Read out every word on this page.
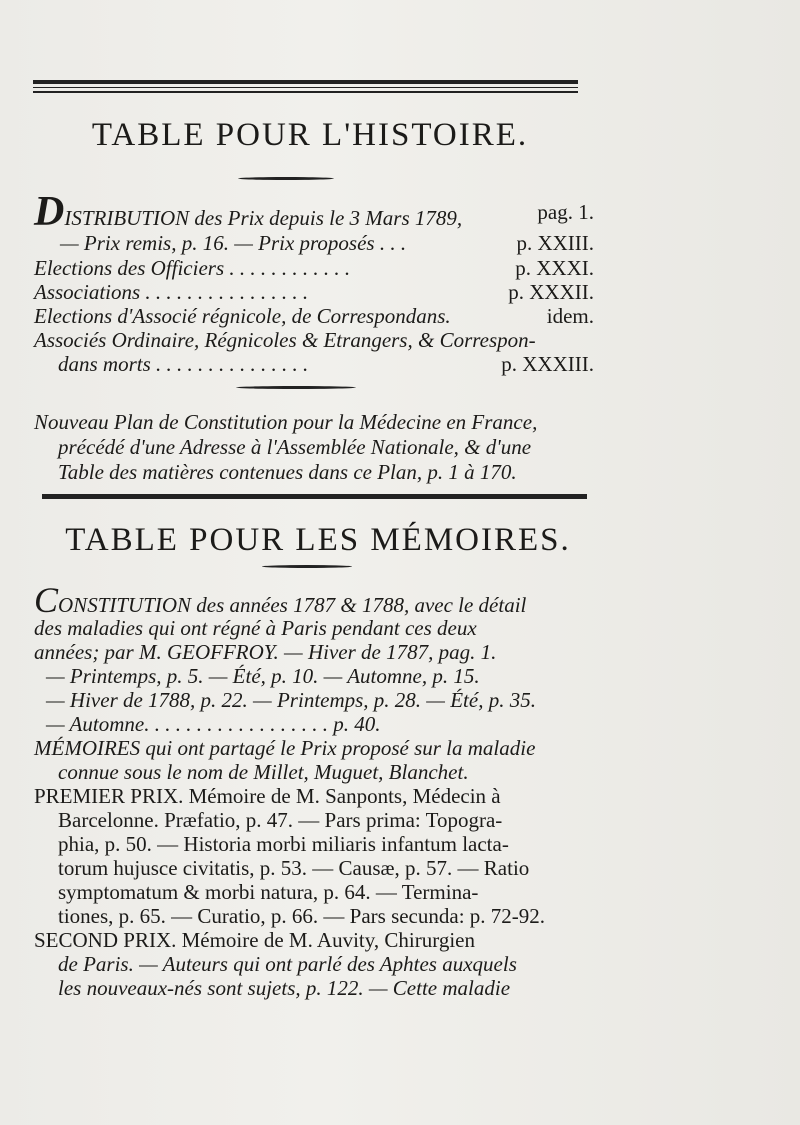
TABLE POUR L'HISTOIRE.
DISTRIBUTION des Prix depuis le 3 Mars 1789,	pag. 1.
— Prix remis, p. 16. — Prix proposés . . .	p. XXIII.
Elections des Officiers . . . . . . . . . . . .	p. XXXI.
Associations . . . . . . . . . . . . . . . .	p. XXXII.
Elections d'Associé régnicole, de Correspondans.	idem.
Associés Ordinaire, Régnicoles & Etrangers, & Correspon-
dans morts . . . . . . . . . . . . . . .	p. XXXIII.
Nouveau Plan de Constitution pour la Médecine en France,
précédé d'une Adresse à l'Assemblée Nationale, & d'une
Table des matières contenues dans ce Plan, p. 1 à 170.
TABLE POUR LES MÉMOIRES.
CONSTITUTION des années 1787 & 1788, avec le détail
des maladies qui ont régné à Paris pendant ces deux
années; par M. GEOFFROY. — Hiver de 1787, pag. 1.
— Printemps, p. 5. — Été, p. 10. — Automne, p. 15.
— Hiver de 1788, p. 22. — Printemps, p. 28. — Été, p. 35.
— Automne. . . . . . . . . . . . . . . . . . p. 40.
MÉMOIRES qui ont partagé le Prix proposé sur la maladie
connue sous le nom de Millet, Muguet, Blanchet.
PREMIER PRIX. Mémoire de M. Sanponts, Médecin à
Barcelonne. Præfatio, p. 47. — Pars prima: Topogra-
phia, p. 50. — Historia morbi miliaris infantum lacta-
torum hujusce civitatis, p. 53. — Causæ, p. 57. — Ratio
symptomatum & morbi natura, p. 64. — Termina-
tiones, p. 65. — Curatio, p. 66. — Pars secunda: p. 72-92.
SECOND PRIX. Mémoire de M. Auvity, Chirurgien
de Paris. — Auteurs qui ont parlé des Aphtes auxquels
les nouveaux-nés sont sujets, p. 122. — Cette maladie
